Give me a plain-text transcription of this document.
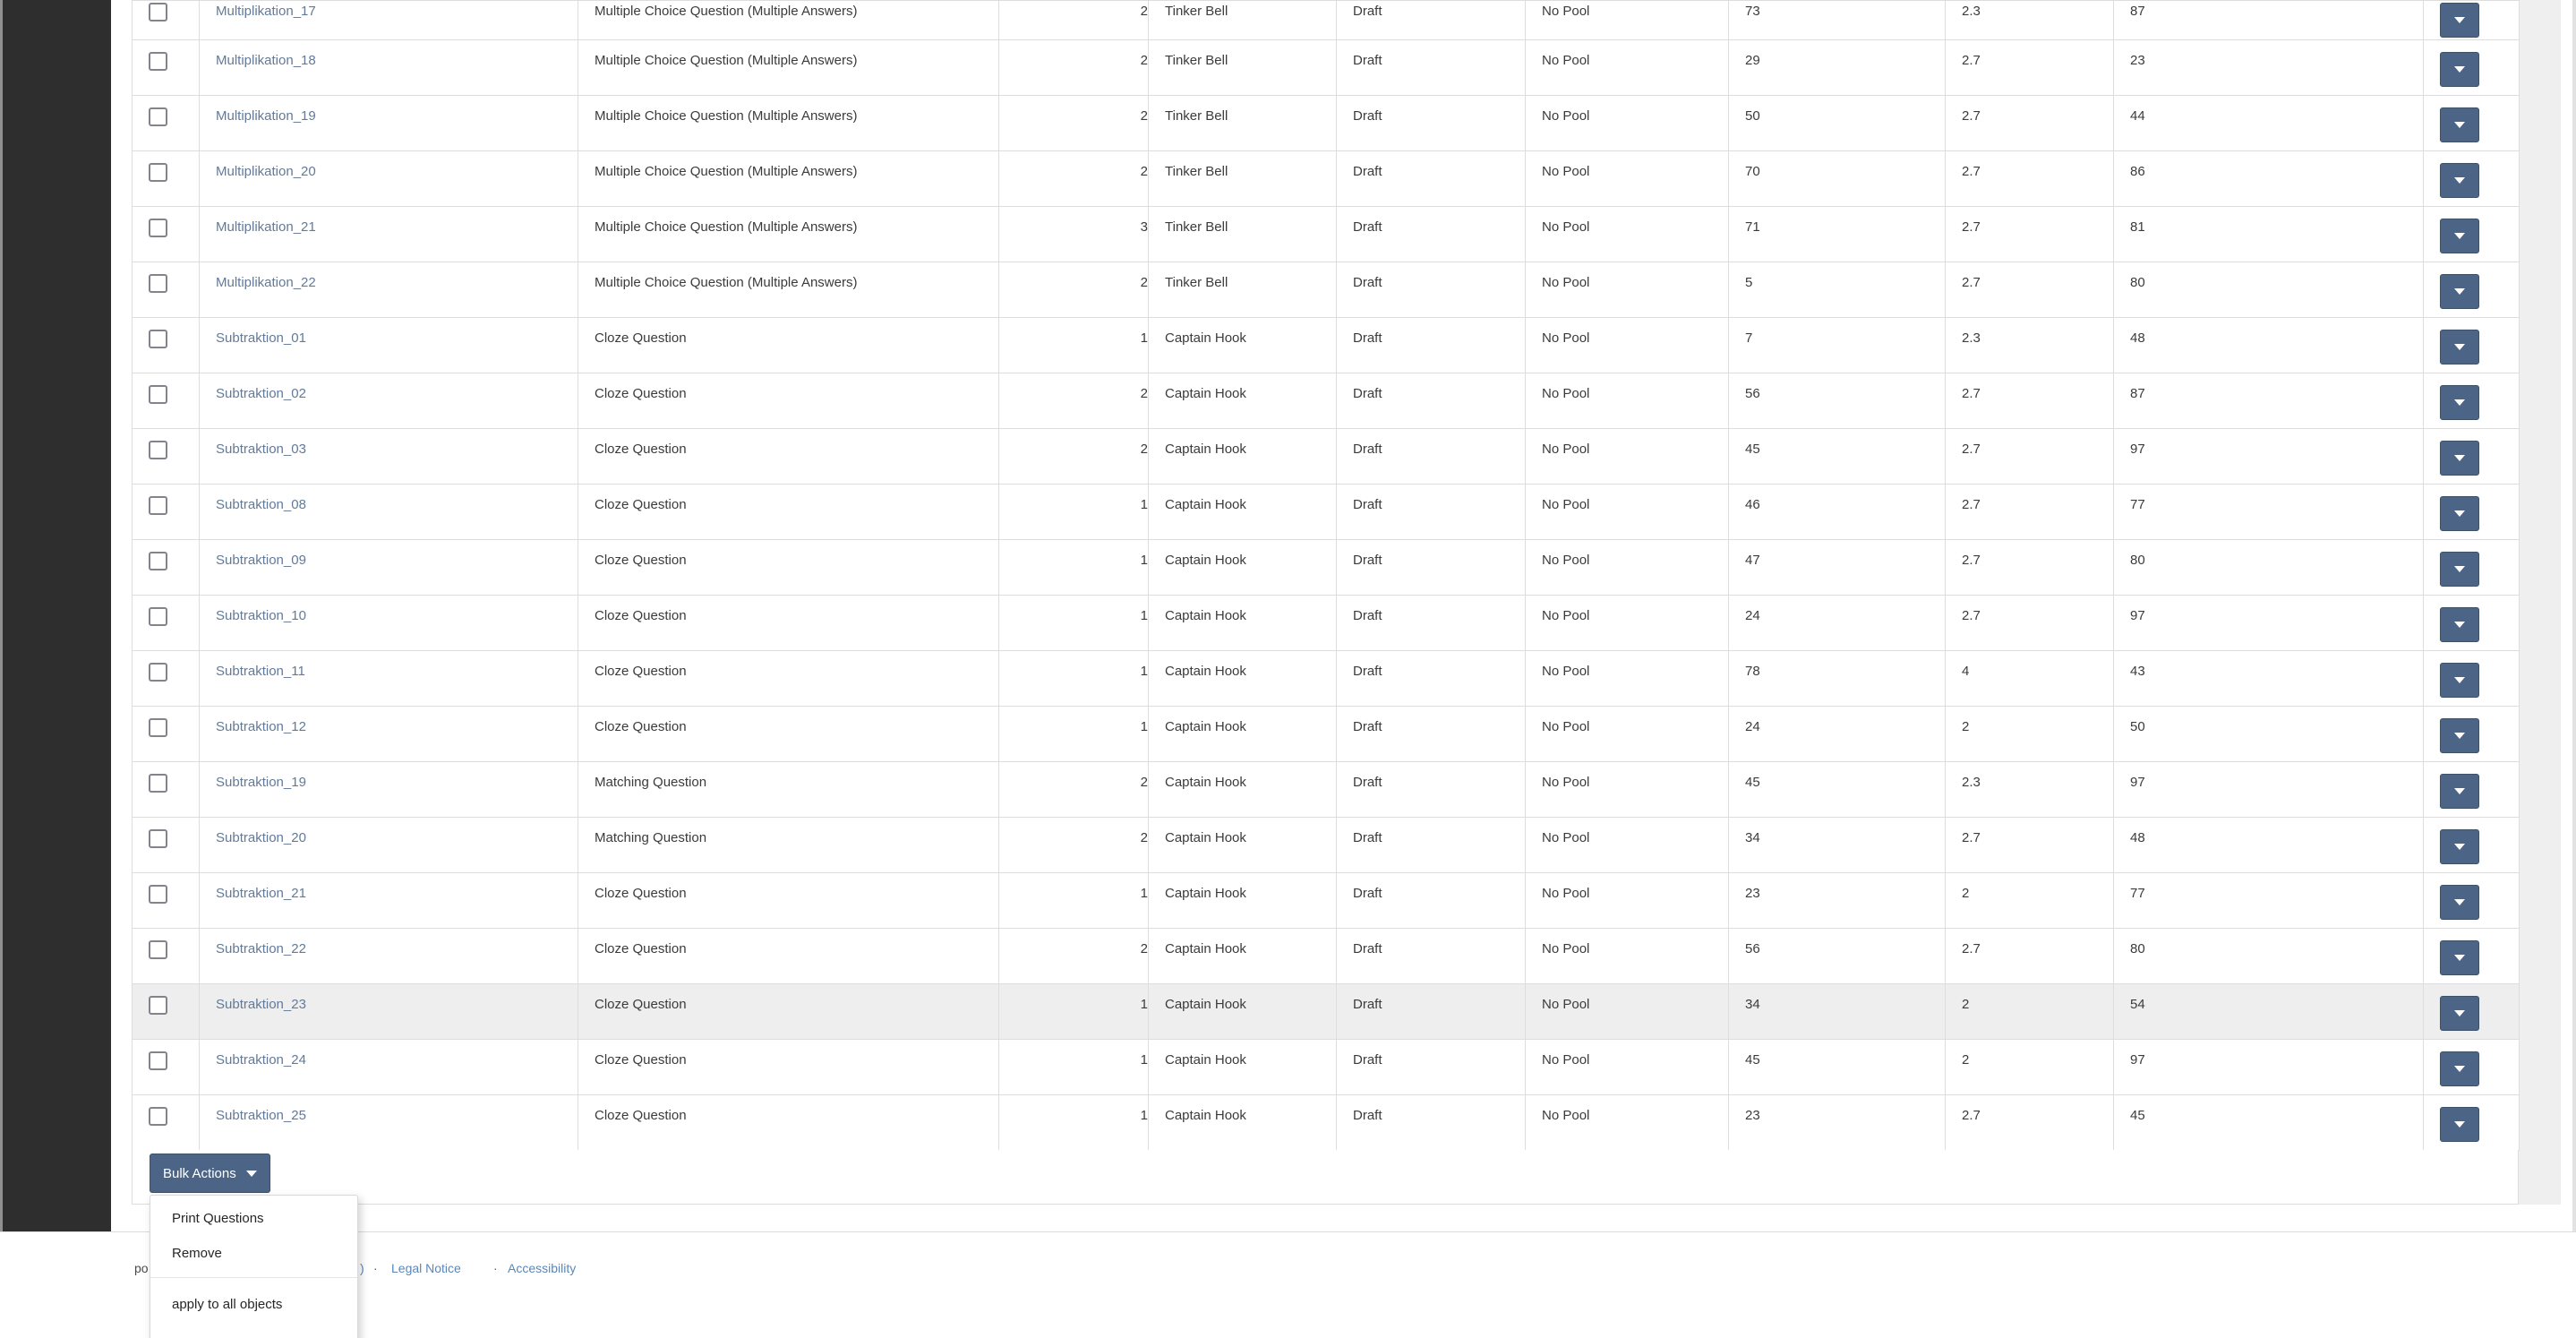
	Multiplikation_17	Multiple Choice Question (Multiple Answers)	2	Tinker Bell	Draft	No Pool	73	2.3	87	

	Multiplikation_18	Multiple Choice Question (Multiple Answers)	2	Tinker Bell	Draft	No Pool	29	2.7	23	

	Multiplikation_19	Multiple Choice Question (Multiple Answers)	2	Tinker Bell	Draft	No Pool	50	2.7	44	

	Multiplikation_20	Multiple Choice Question (Multiple Answers)	2	Tinker Bell	Draft	No Pool	70	2.7	86	

	Multiplikation_21	Multiple Choice Question (Multiple Answers)	3	Tinker Bell	Draft	No Pool	71	2.7	81	

	Multiplikation_22	Multiple Choice Question (Multiple Answers)	2	Tinker Bell	Draft	No Pool	5	2.7	80	

	Subtraktion_01	Cloze Question	1	Captain Hook	Draft	No Pool	7	2.3	48	

	Subtraktion_02	Cloze Question	2	Captain Hook	Draft	No Pool	56	2.7	87	

	Subtraktion_03	Cloze Question	2	Captain Hook	Draft	No Pool	45	2.7	97	

	Subtraktion_08	Cloze Question	1	Captain Hook	Draft	No Pool	46	2.7	77	

	Subtraktion_09	Cloze Question	1	Captain Hook	Draft	No Pool	47	2.7	80	

	Subtraktion_10	Cloze Question	1	Captain Hook	Draft	No Pool	24	2.7	97	

	Subtraktion_11	Cloze Question	1	Captain Hook	Draft	No Pool	78	4	43	

	Subtraktion_12	Cloze Question	1	Captain Hook	Draft	No Pool	24	2	50	

	Subtraktion_19	Matching Question	2	Captain Hook	Draft	No Pool	45	2.3	97	

	Subtraktion_20	Matching Question	2	Captain Hook	Draft	No Pool	34	2.7	48	

	Subtraktion_21	Cloze Question	1	Captain Hook	Draft	No Pool	23	2	77	

	Subtraktion_22	Cloze Question	2	Captain Hook	Draft	No Pool	56	2.7	80	

	Subtraktion_23	Cloze Question	1	Captain Hook	Draft	No Pool	34	2	54	

	Subtraktion_24	Cloze Question	1	Captain Hook	Draft	No Pool	45	2	97	

	Subtraktion_25	Cloze Question	1	Captain Hook	Draft	No Pool	23	2.7	45	
Bulk Actions
po	) · Legal Notice	· Accessibility
Print Questions
Remove
apply to all objects
